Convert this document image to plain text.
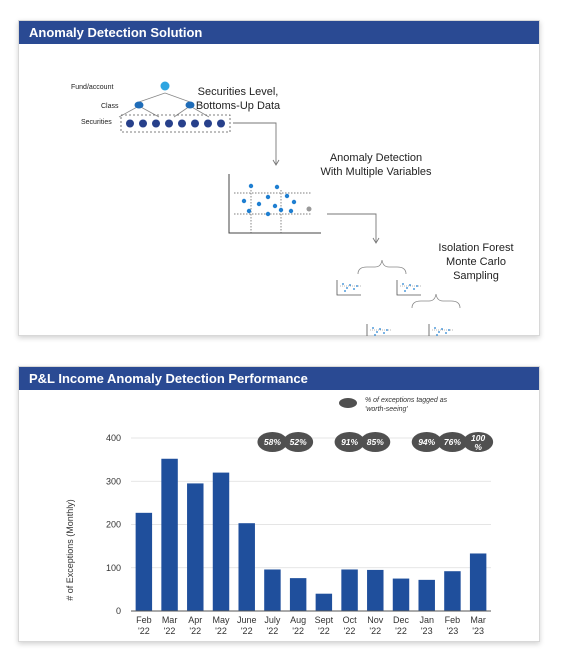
Anomaly Detection Solution
Fund/account
Class
Securities
Securities Level,
Bottoms-Up Data
Anomaly Detection
With Multiple Variables
Isolation Forest
Monte Carlo
Sampling
P&L Income Anomaly Detection Performance
% of exceptions tagged as
'worth-seeing'
# of Exceptions (Monthly)
0
100
200
300
400
Feb
'22
Mar
'22
Apr
'22
May
'22
June
'22
July
'22
Aug
'22
Sept
'22
Oct
'22
Nov
'22
Dec
'22
Jan
'23
Feb
'23
Mar
'23
58% 52%	91% 85%	94% 76% 100 %
